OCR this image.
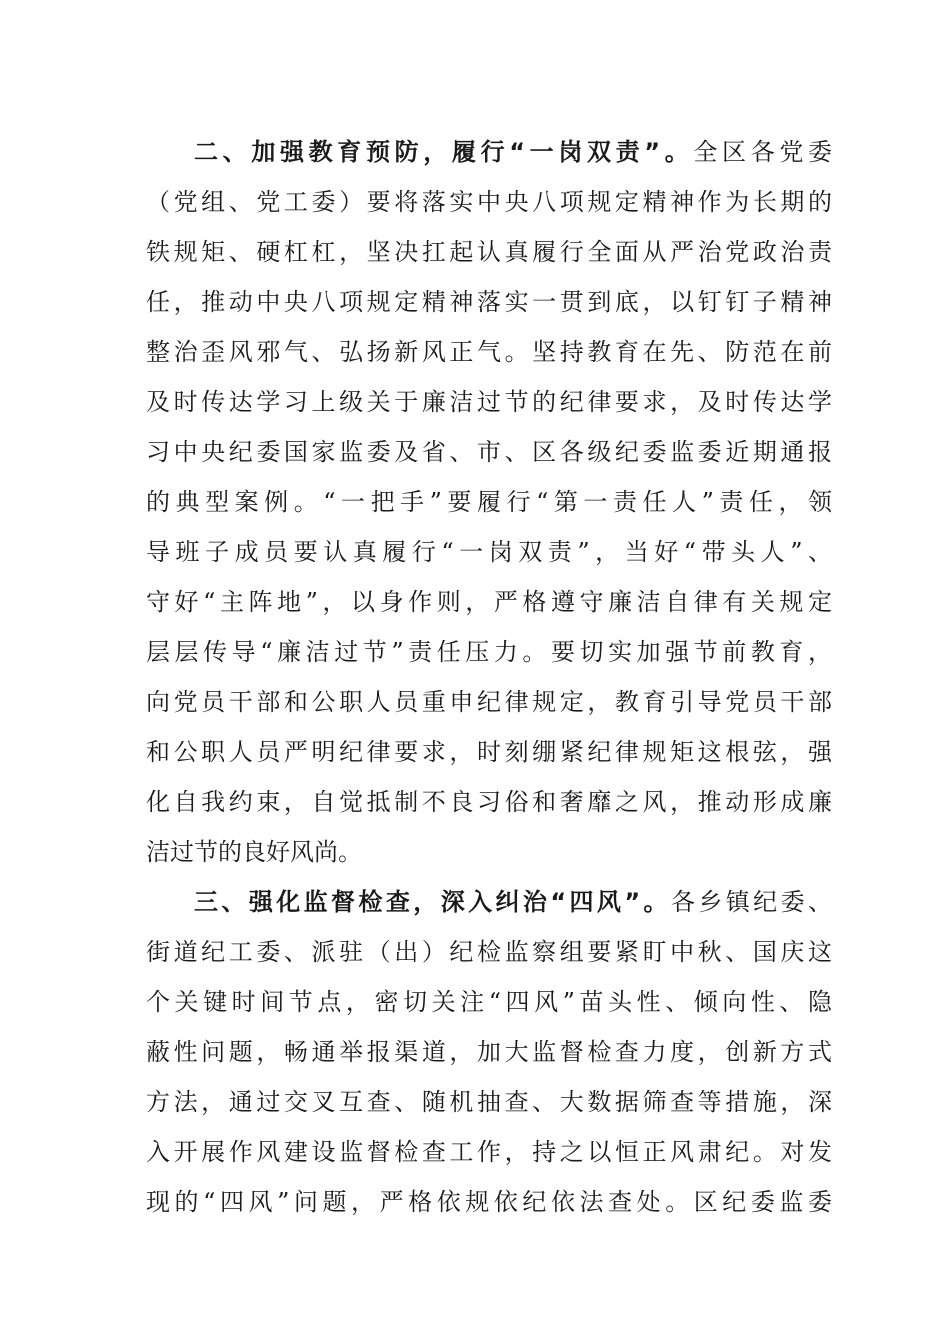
二、加强教育预防，履行“一岗双责”。全区各党委
（党组、党工委）要将落实中央八项规定精神作为长期的
铁规矩、硬杠杠，坚决扛起认真履行全面从严治党政治责
任，推动中央八项规定精神落实一贯到底，以钉钉子精神
整治歪风邪气、弘扬新风正气。坚持教育在先、防范在前
及时传达学习上级关于廉洁过节的纪律要求，及时传达学
习中央纪委国家监委及省、市、区各级纪委监委近期通报
的典型案例。“一把手”要履行“第一责任人”责任，领
导班子成员要认真履行“一岗双责”，当好“带头人”、
守好“主阵地”，以身作则，严格遵守廉洁自律有关规定
层层传导“廉洁过节”责任压力。要切实加强节前教育，
向党员干部和公职人员重申纪律规定，教育引导党员干部
和公职人员严明纪律要求，时刻绷紧纪律规矩这根弦，强
化自我约束，自觉抵制不良习俗和奢靡之风，推动形成廉
洁过节的良好风尚。
三、强化监督检查，深入纠治“四风”。各乡镇纪委、
街道纪工委、派驻（出）纪检监察组要紧盯中秋、国庆这
个关键时间节点，密切关注“四风”苗头性、倾向性、隐
蔽性问题，畅通举报渠道，加大监督检查力度，创新方式
方法，通过交叉互查、随机抽查、大数据筛查等措施，深
入开展作风建设监督检查工作，持之以恒正风肃纪。对发
现的“四风”问题，严格依规依纪依法查处。区纪委监委
